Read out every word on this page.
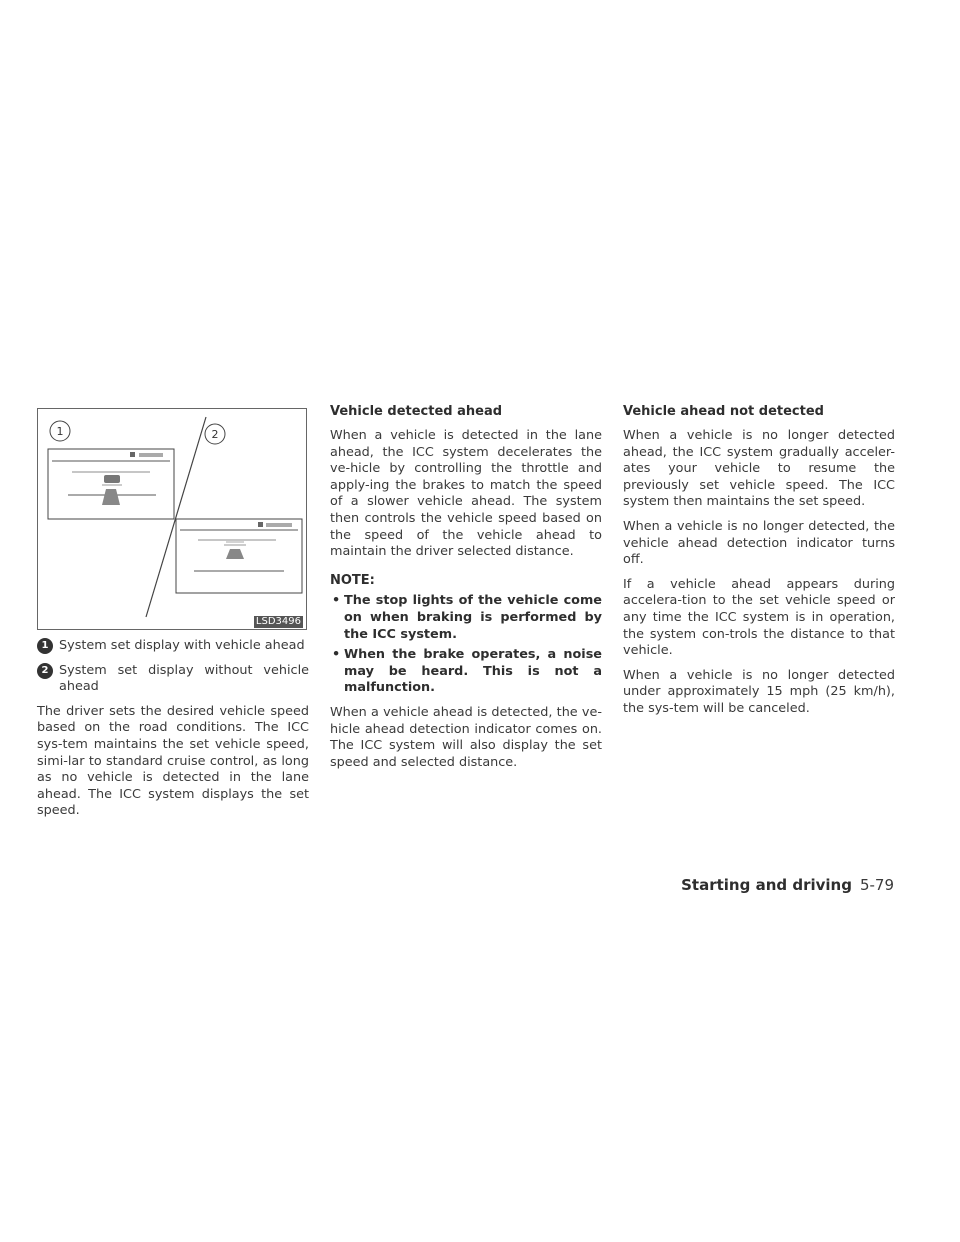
1	2
LSD3496
1 System set display with vehicle ahead
2 System set display without vehicle ahead

The driver sets the desired vehicle speed based on the road conditions. The ICC sys-tem maintains the set vehicle speed, simi-lar to standard cruise control, as long as no vehicle is detected in the lane ahead. The ICC system displays the set speed.

Vehicle detected ahead

When a vehicle is detected in the lane ahead, the ICC system decelerates the ve-hicle by controlling the throttle and apply-ing the brakes to match the speed of a slower vehicle ahead. The system then controls the vehicle speed based on the speed of the vehicle ahead to maintain the driver selected distance.

NOTE:
• The stop lights of the vehicle come on when braking is performed by the ICC system.
• When the brake operates, a noise may be heard. This is not a malfunction.

When a vehicle ahead is detected, the ve-hicle ahead detection indicator comes on. The ICC system will also display the set speed and selected distance.

Vehicle ahead not detected

When a vehicle is no longer detected ahead, the ICC system gradually acceler-ates your vehicle to resume the previously set vehicle speed. The ICC system then maintains the set speed.

When a vehicle is no longer detected, the vehicle ahead detection indicator turns off.

If a vehicle ahead appears during accelera-tion to the set vehicle speed or any time the ICC system is in operation, the system con-trols the distance to that vehicle.

When a vehicle is no longer detected under approximately 15 mph (25 km/h), the sys-tem will be canceled.

Starting and driving 5-79
